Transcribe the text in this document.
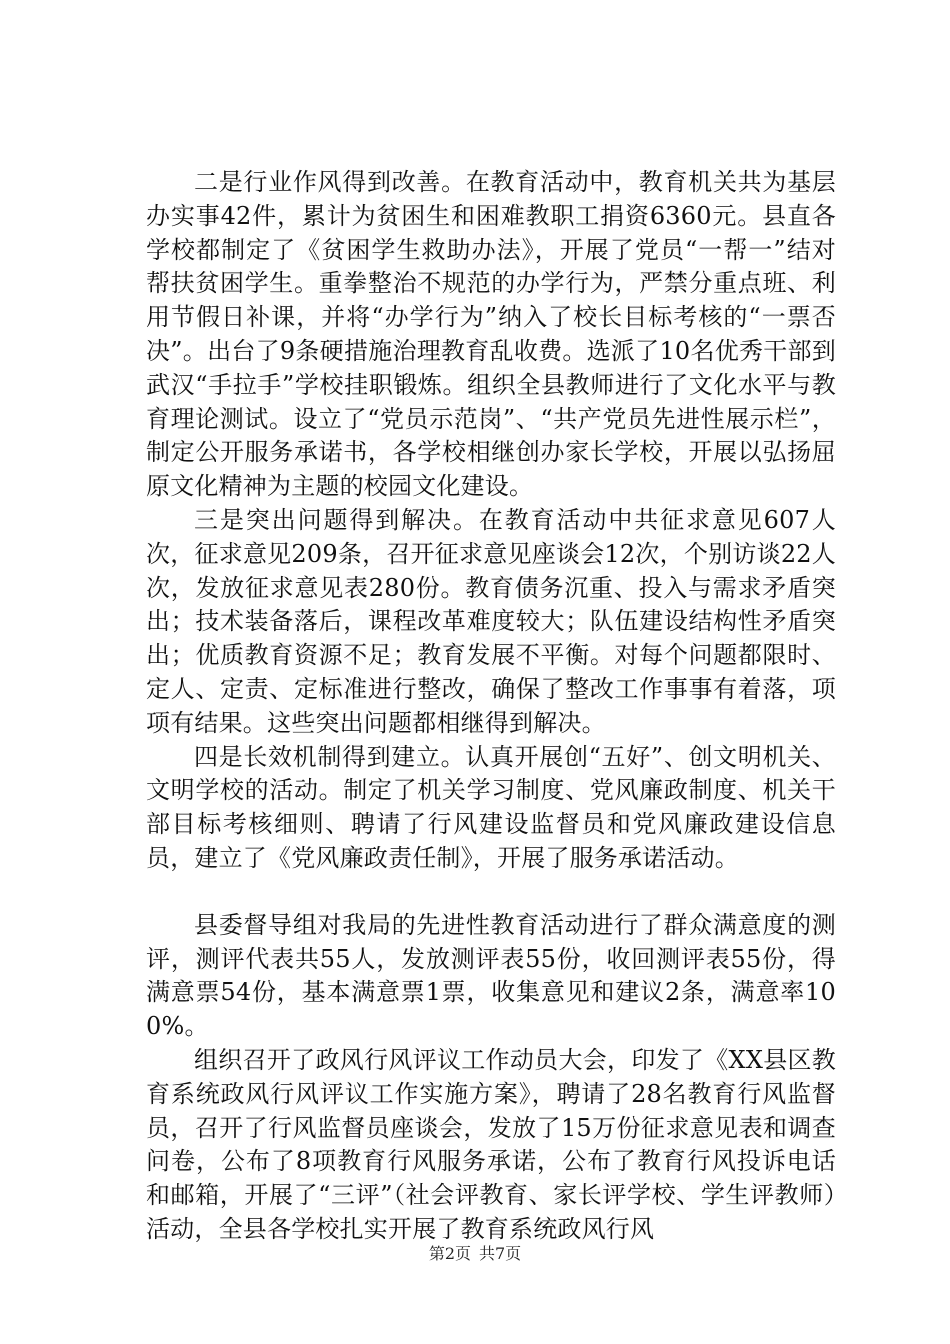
二是行业作风得到改善。在教育活动中，教育机关共为基层办实事42件，累计为贫困生和困难教职工捐资6360元。县直各学校都制定了《贫困学生救助办法》，开展了党员“一帮一”结对帮扶贫困学生。重拳整治不规范的办学行为，严禁分重点班、利用节假日补课，并将“办学行为”纳入了校长目标考核的“一票否决”。出台了9条硬措施治理教育乱收费。选派了10名优秀干部到武汉“手拉手”学校挂职锻炼。组织全县教师进行了文化水平与教育理论测试。设立了“党员示范岗”、“共产党员先进性展示栏”，制定公开服务承诺书，各学校相继创办家长学校，开展以弘扬屈原文化精神为主题的校园文化建设。

三是突出问题得到解决。在教育活动中共征求意见607人次，征求意见209条，召开征求意见座谈会12次，个别访谈22人次，发放征求意见表280份。教育债务沉重、投入与需求矛盾突出；技术装备落后，课程改革难度较大；队伍建设结构性矛盾突出；优质教育资源不足；教育发展不平衡。对每个问题都限时、定人、定责、定标准进行整改，确保了整改工作事事有着落，项项有结果。这些突出问题都相继得到解决。

四是长效机制得到建立。认真开展创“五好”、创文明机关、文明学校的活动。制定了机关学习制度、党风廉政制度、机关干部目标考核细则、聘请了行风建设监督员和党风廉政建设信息员，建立了《党风廉政责任制》，开展了服务承诺活动。

县委督导组对我局的先进性教育活动进行了群众满意度的测评，测评代表共55人，发放测评表55份，收回测评表55份，得满意票54份，基本满意票1票，收集意见和建议2条，满意率100%。

组织召开了政风行风评议工作动员大会，印发了《XX县区教育系统政风行风评议工作实施方案》，聘请了28名教育行风监督员，召开了行风监督员座谈会，发放了15万份征求意见表和调查问卷，公布了8项教育行风服务承诺，公布了教育行风投诉电话和邮箱，开展了“三评”（社会评教育、家长评学校、学生评教师）活动，全县各学校扎实开展了教育系统政风行风

第2页 共7页
